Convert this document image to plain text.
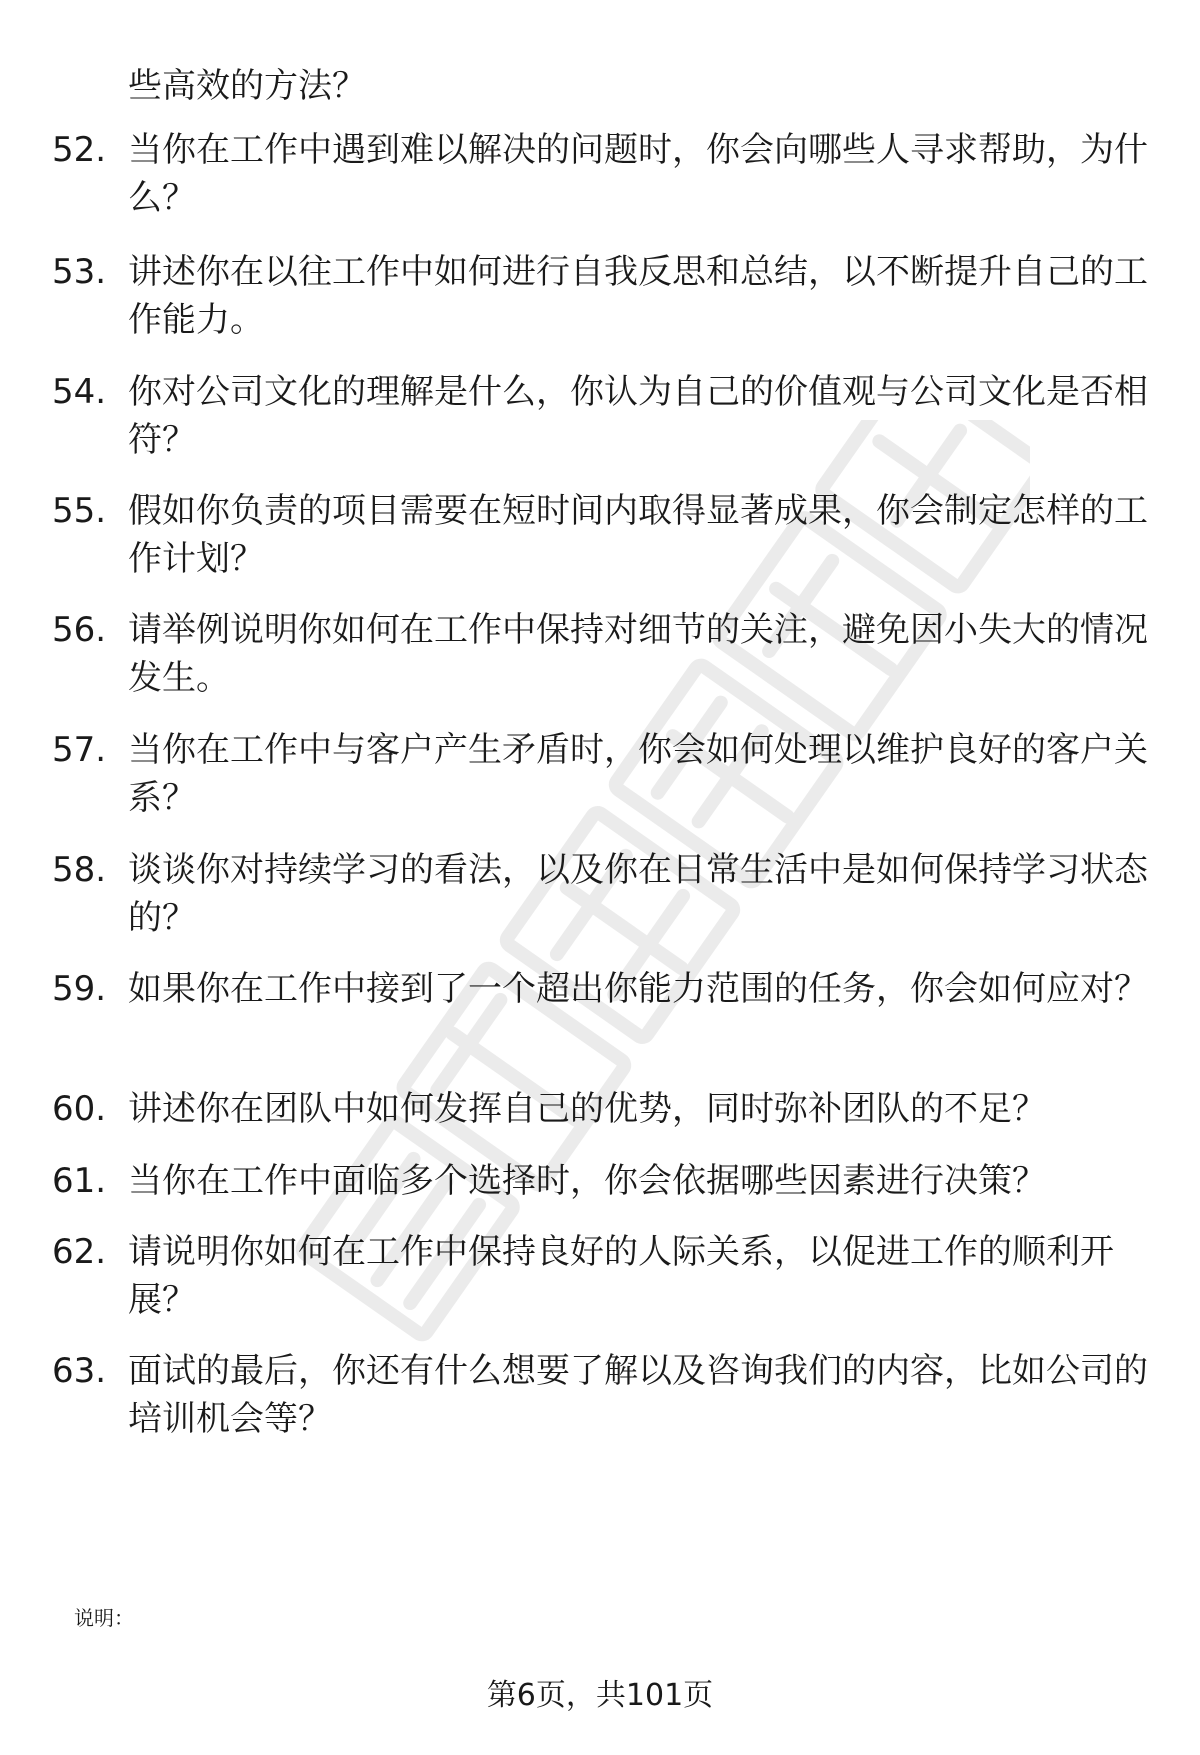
职场密训出品

些高效的方法？

52. 当你在工作中遇到难以解决的问题时，你会向哪些人寻求帮助，为什么？

53. 讲述你在以往工作中如何进行自我反思和总结，以不断提升自己的工作能力。

54. 你对公司文化的理解是什么，你认为自己的价值观与公司文化是否相符？

55. 假如你负责的项目需要在短时间内取得显著成果，你会制定怎样的工作计划？

56. 请举例说明你如何在工作中保持对细节的关注，避免因小失大的情况发生。

57. 当你在工作中与客户产生矛盾时，你会如何处理以维护良好的客户关系？

58. 谈谈你对持续学习的看法，以及你在日常生活中是如何保持学习状态的？

59. 如果你在工作中接到了一个超出你能力范围的任务，你会如何应对？

60. 讲述你在团队中如何发挥自己的优势，同时弥补团队的不足？

61. 当你在工作中面临多个选择时，你会依据哪些因素进行决策？

62. 请说明你如何在工作中保持良好的人际关系，以促进工作的顺利开展？

63. 面试的最后，你还有什么想要了解以及咨询我们的内容，比如公司的培训机会等？

说明：
第6页，共101页
